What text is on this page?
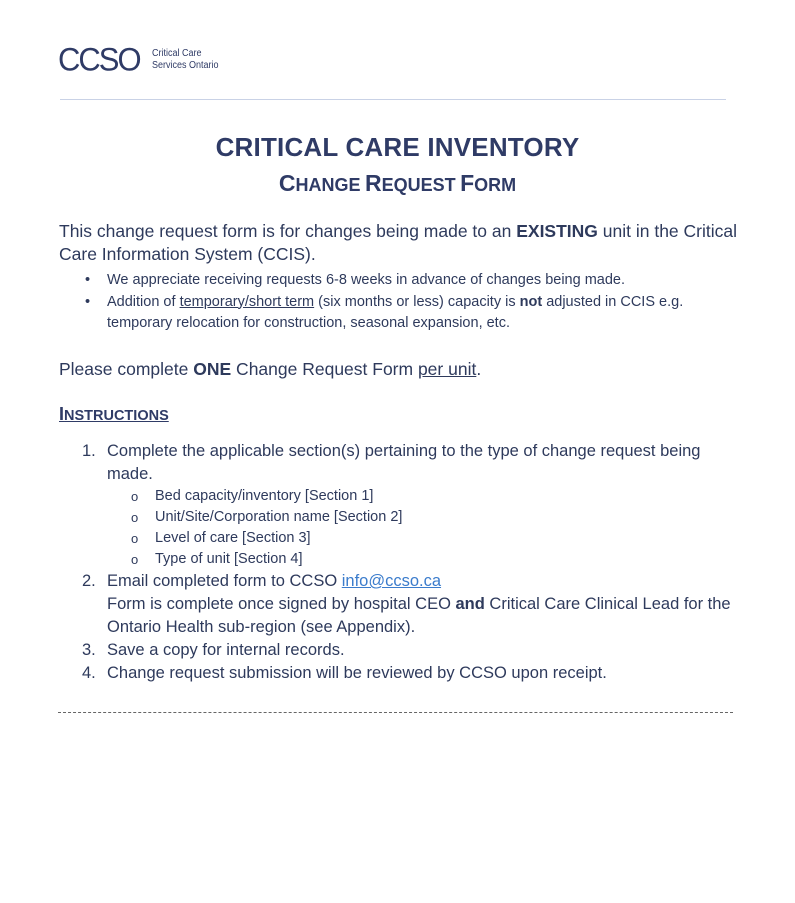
CCSO Critical Care
Services Ontario
CRITICAL CARE INVENTORY
CHANGE REQUEST FORM
This change request form is for changes being made to an EXISTING unit in the Critical Care Information System (CCIS).
• We appreciate receiving requests 6-8 weeks in advance of changes being made.
• Addition of temporary/short term (six months or less) capacity is not adjusted in CCIS e.g. temporary relocation for construction, seasonal expansion, etc.
Please complete ONE Change Request Form per unit.
INSTRUCTIONS
1. Complete the applicable section(s) pertaining to the type of change request being made.
o Bed capacity/inventory [Section 1]
o Unit/Site/Corporation name [Section 2]
o Level of care [Section 3]
o Type of unit [Section 4]
2. Email completed form to CCSO info@ccso.ca
Form is complete once signed by hospital CEO and Critical Care Clinical Lead for the Ontario Health sub-region (see Appendix).
3. Save a copy for internal records.
4. Change request submission will be reviewed by CCSO upon receipt.
